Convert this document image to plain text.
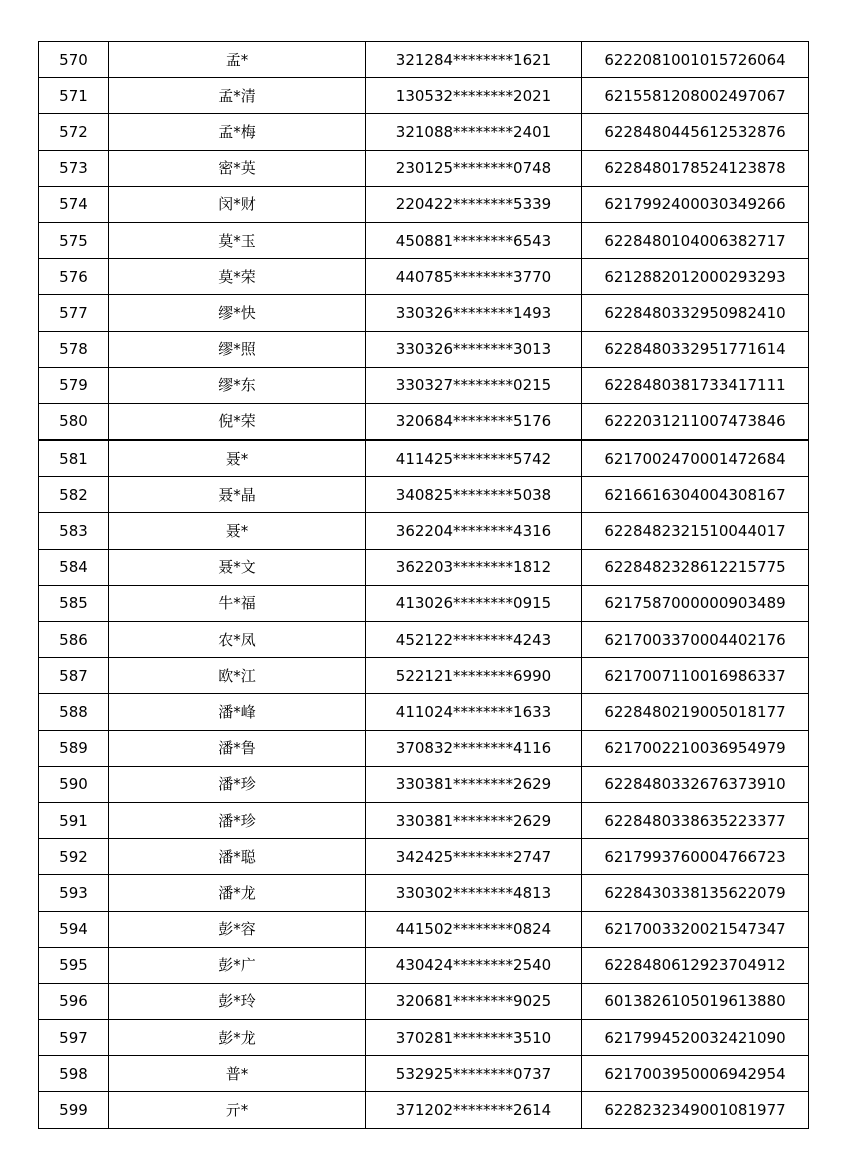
570	孟*	321284********1621	6222081001015726064
571	孟*清	130532********2021	6215581208002497067
572	孟*梅	321088********2401	6228480445612532876
573	密*英	230125********0748	6228480178524123878
574	闵*财	220422********5339	6217992400030349266
575	莫*玉	450881********6543	6228480104006382717
576	莫*荣	440785********3770	6212882012000293293
577	缪*快	330326********1493	6228480332950982410
578	缪*照	330326********3013	6228480332951771614
579	缪*东	330327********0215	6228480381733417111
580	倪*荣	320684********5176	6222031211007473846
581	聂*	411425********5742	6217002470001472684
582	聂*晶	340825********5038	6216616304004308167
583	聂*	362204********4316	6228482321510044017
584	聂*文	362203********1812	6228482328612215775
585	牛*福	413026********0915	6217587000000903489
586	农*凤	452122********4243	6217003370004402176
587	欧*江	522121********6990	6217007110016986337
588	潘*峰	411024********1633	6228480219005018177
589	潘*鲁	370832********4116	6217002210036954979
590	潘*珍	330381********2629	6228480332676373910
591	潘*珍	330381********2629	6228480338635223377
592	潘*聪	342425********2747	6217993760004766723
593	潘*龙	330302********4813	6228430338135622079
594	彭*容	441502********0824	6217003320021547347
595	彭*广	430424********2540	6228480612923704912
596	彭*玲	320681********9025	6013826105019613880
597	彭*龙	370281********3510	6217994520032421090
598	普*	532925********0737	6217003950006942954
599	亓*	371202********2614	6228232349001081977
